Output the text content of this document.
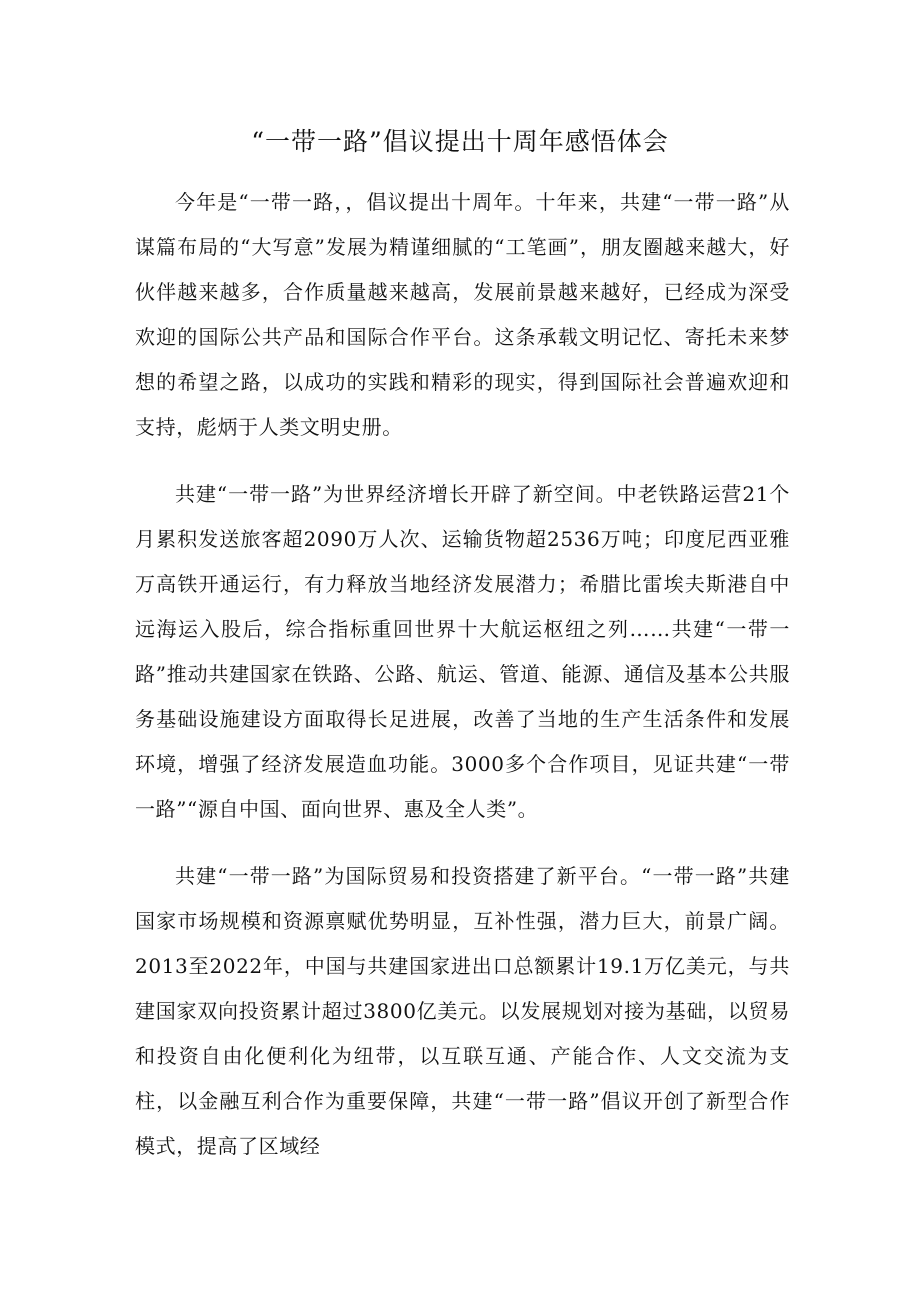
“一带一路”倡议提出十周年感悟体会

今年是“一带一路，，倡议提出十周年。十年来，共建“一带一路”从谋篇布局的“大写意”发展为精谨细腻的“工笔画”，朋友圈越来越大，好伙伴越来越多，合作质量越来越高，发展前景越来越好，已经成为深受欢迎的国际公共产品和国际合作平台。这条承载文明记忆、寄托未来梦想的希望之路，以成功的实践和精彩的现实，得到国际社会普遍欢迎和支持，彪炳于人类文明史册。

共建“一带一路”为世界经济增长开辟了新空间。中老铁路运营21个月累积发送旅客超2090万人次、运输货物超2536万吨；印度尼西亚雅万高铁开通运行，有力释放当地经济发展潜力；希腊比雷埃夫斯港自中远海运入股后，综合指标重回世界十大航运枢纽之列……共建“一带一路”推动共建国家在铁路、公路、航运、管道、能源、通信及基本公共服务基础设施建设方面取得长足进展，改善了当地的生产生活条件和发展环境，增强了经济发展造血功能。3000多个合作项目，见证共建“一带一路”“源自中国、面向世界、惠及全人类”。

共建“一带一路”为国际贸易和投资搭建了新平台。“一带一路”共建国家市场规模和资源禀赋优势明显，互补性强，潜力巨大，前景广阔。2013至2022年，中国与共建国家进出口总额累计19.1万亿美元，与共建国家双向投资累计超过3800亿美元。以发展规划对接为基础，以贸易和投资自由化便利化为纽带，以互联互通、产能合作、人文交流为支柱，以金融互利合作为重要保障，共建“一带一路”倡议开创了新型合作模式，提高了区域经
